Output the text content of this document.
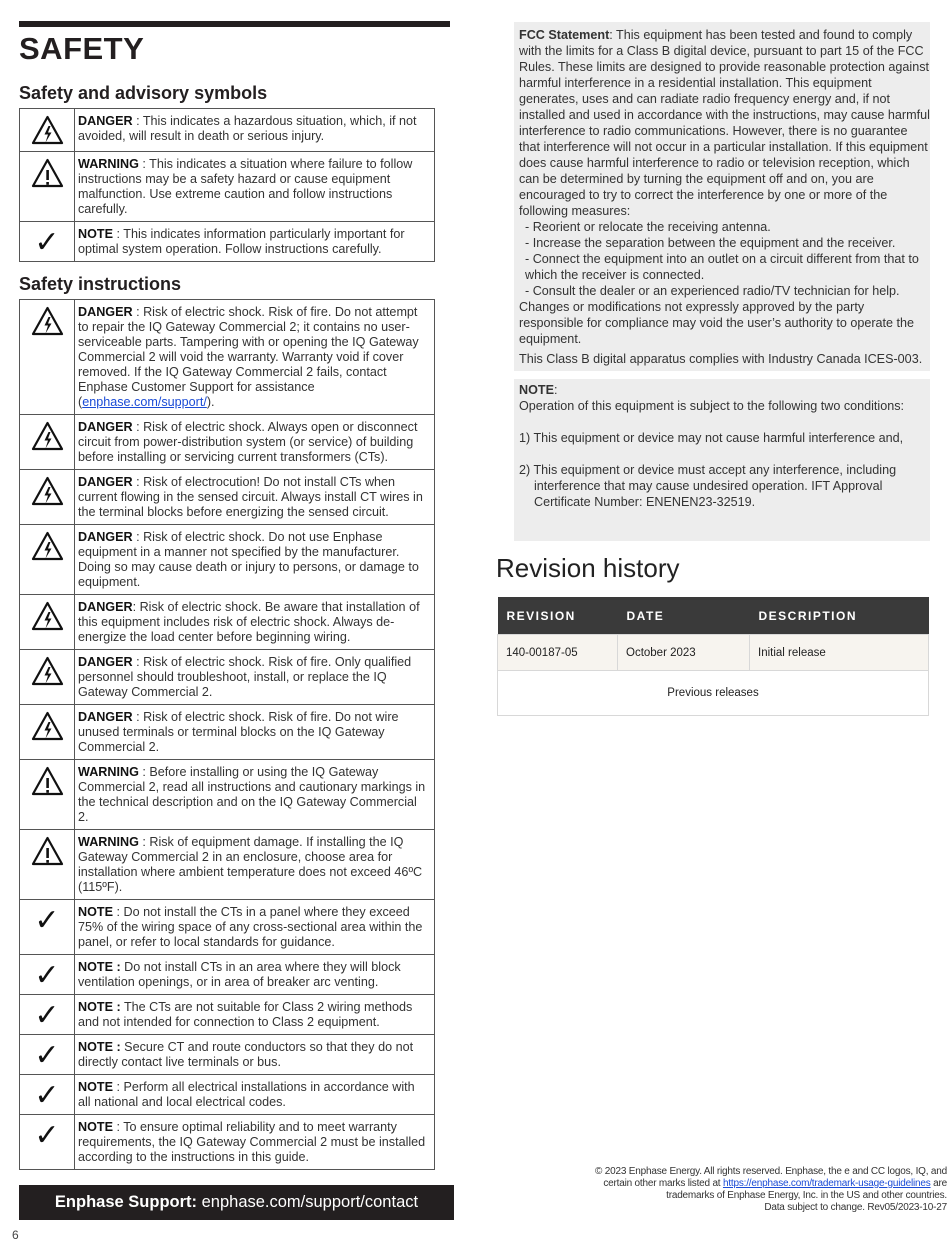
SAFETY
Safety and advisory symbols
	DANGER : This indicates a hazardous situation, which, if not avoided, will result in death or serious injury.
	WARNING : This indicates a situation where failure to follow instructions may be a safety hazard or cause equipment malfunction. Use extreme caution and follow instructions carefully.
✓	NOTE : This indicates information particularly important for optimal system operation. Follow instructions carefully.
Safety instructions
	DANGER : Risk of electric shock. Risk of fire. Do not attempt to repair the IQ Gateway Commercial 2; it contains no user-serviceable parts. Tampering with or opening the IQ Gateway Commercial 2 will void the warranty. Warranty void if cover removed. If the IQ Gateway Commercial 2 fails, contact Enphase Customer Support for assistance (enphase.com/support/).
	DANGER : Risk of electric shock. Always open or disconnect circuit from power-distribution system (or service) of building before installing or servicing current transformers (CTs).
	DANGER : Risk of electrocution! Do not install CTs when current flowing in the sensed circuit. Always install CT wires in the terminal blocks before energizing the sensed circuit.
	DANGER : Risk of electric shock. Do not use Enphase equipment in a manner not specified by the manufacturer. Doing so may cause death or injury to persons, or damage to equipment.
	DANGER: Risk of electric shock. Be aware that installation of this equipment includes risk of electric shock. Always de-energize the load center before beginning wiring.
	DANGER : Risk of electric shock. Risk of fire. Only qualified personnel should troubleshoot, install, or replace the IQ Gateway Commercial 2.
	DANGER : Risk of electric shock. Risk of fire. Do not wire unused terminals or terminal blocks on the IQ Gateway Commercial 2.
	WARNING : Before installing or using the IQ Gateway Commercial 2, read all instructions and cautionary markings in the technical description and on the IQ Gateway Commercial 2.
	WARNING : Risk of equipment damage. If installing the IQ Gateway Commercial 2 in an enclosure, choose area for installation where ambient temperature does not exceed 46ºC (115ºF).
✓	NOTE : Do not install the CTs in a panel where they exceed 75% of the wiring space of any cross-sectional area within the panel, or refer to local standards for guidance.
✓	NOTE : Do not install CTs in an area where they will block ventilation openings, or in area of breaker arc venting.
✓	NOTE : The CTs are not suitable for Class 2 wiring methods and not intended for connection to Class 2 equipment.
✓	NOTE : Secure CT and route conductors so that they do not directly contact live terminals or bus.
✓	NOTE : Perform all electrical installations in accordance with all national and local electrical codes.
✓	NOTE : To ensure optimal reliability and to meet warranty requirements, the IQ Gateway Commercial 2 must be installed according to the instructions in this guide.
Enphase Support: enphase.com/support/contact
6

FCC Statement: This equipment has been tested and found to comply with the limits for a Class B digital device, pursuant to part 15 of the FCC Rules. These limits are designed to provide reasonable protection against harmful interference in a residential installation. This equipment generates, uses and can radiate radio frequency energy and, if not installed and used in accordance with the instructions, may cause harmful interference to radio communications. However, there is no guarantee that interference will not occur in a particular installation. If this equipment does cause harmful interference to radio or television reception, which can be determined by turning the equipment off and on, you are encouraged to try to correct the interference by one or more of the following measures:

- Reorient or relocate the receiving antenna.

- Increase the separation between the equipment and the receiver.

- Connect the equipment into an outlet on a circuit different from that to which the receiver is connected.

- Consult the dealer or an experienced radio/TV technician for help.

Changes or modifications not expressly approved by the party responsible for compliance may void the user’s authority to operate the equipment.

This Class B digital apparatus complies with Industry Canada ICES-003.

NOTE:

Operation of this equipment is subject to the following two conditions:

1) This equipment or device may not cause harmful interference and,

2) This equipment or device must accept any interference, including interference that may cause undesired operation. IFT Approval Certificate Number: ENENEN23-32519.

Revision history
REVISION	DATE	DESCRIPTION
140-00187-05	October 2023	Initial release
Previous releases		
© 2023 Enphase Energy. All rights reserved. Enphase, the e and CC logos, IQ, and
certain other marks listed at https://enphase.com/trademark-usage-guidelines are
trademarks of Enphase Energy, Inc. in the US and other countries.
Data subject to change. Rev05/2023-10-27
